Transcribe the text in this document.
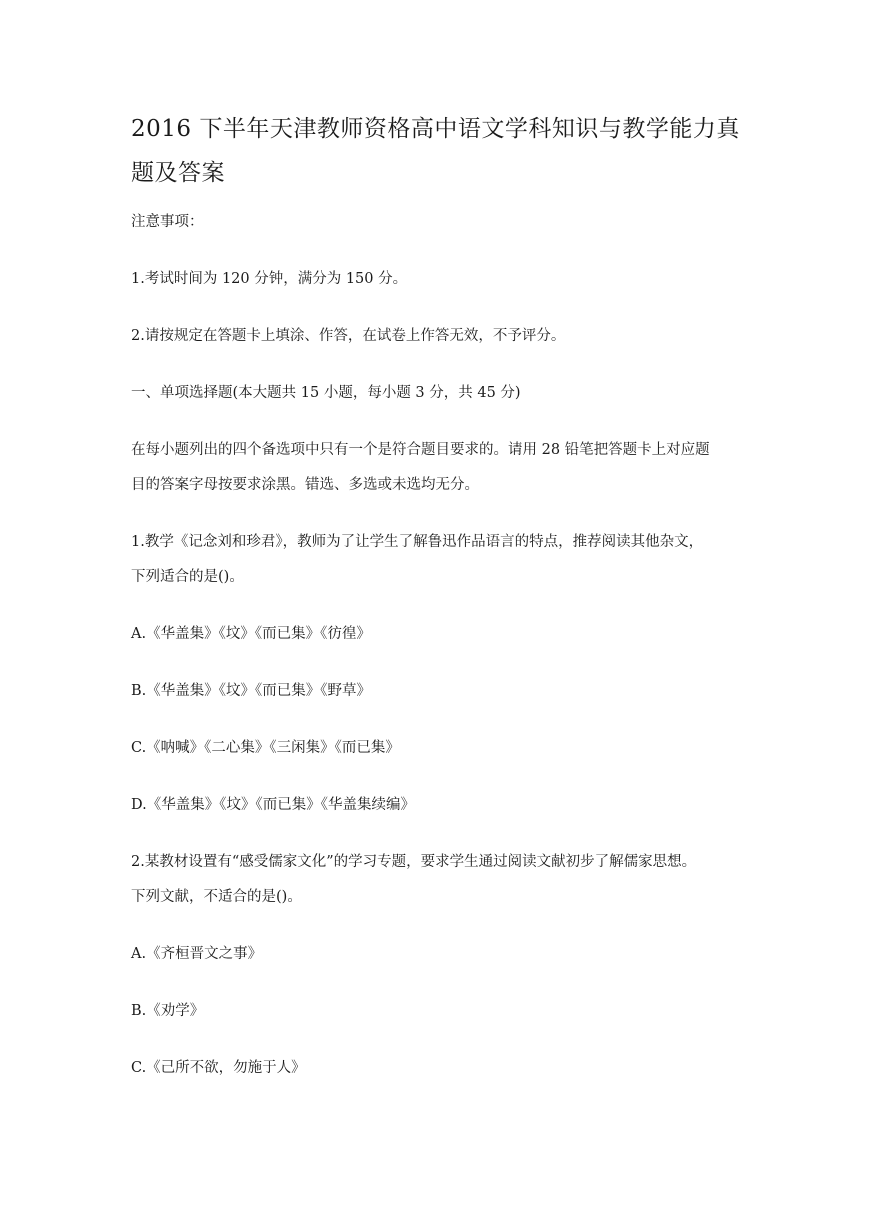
2016 下半年天津教师资格高中语文学科知识与教学能力真
题及答案

注意事项：

1.考试时间为 120 分钟，满分为 150 分。

2.请按规定在答题卡上填涂、作答，在试卷上作答无效，不予评分。

一、单项选择题(本大题共 15 小题，每小题 3 分，共 45 分)

在每小题列出的四个备选项中只有一个是符合题目要求的。请用 28 铅笔把答题卡上对应题

目的答案字母按要求涂黑。错选、多选或未选均无分。

1.教学《记念刘和珍君》，教师为了让学生了解鲁迅作品语言的特点，推荐阅读其他杂文，

下列适合的是()。

A.《华盖集》《坟》《而已集》《彷徨》

B.《华盖集》《坟》《而已集》《野草》

C.《呐喊》《二心集》《三闲集》《而已集》

D.《华盖集》《坟》《而已集》《华盖集续编》

2.某教材设置有“感受儒家文化”的学习专题，要求学生通过阅读文献初步了解儒家思想。

下列文献，不适合的是()。

A.《齐桓晋文之事》

B.《劝学》

C.《己所不欲，勿施于人》
